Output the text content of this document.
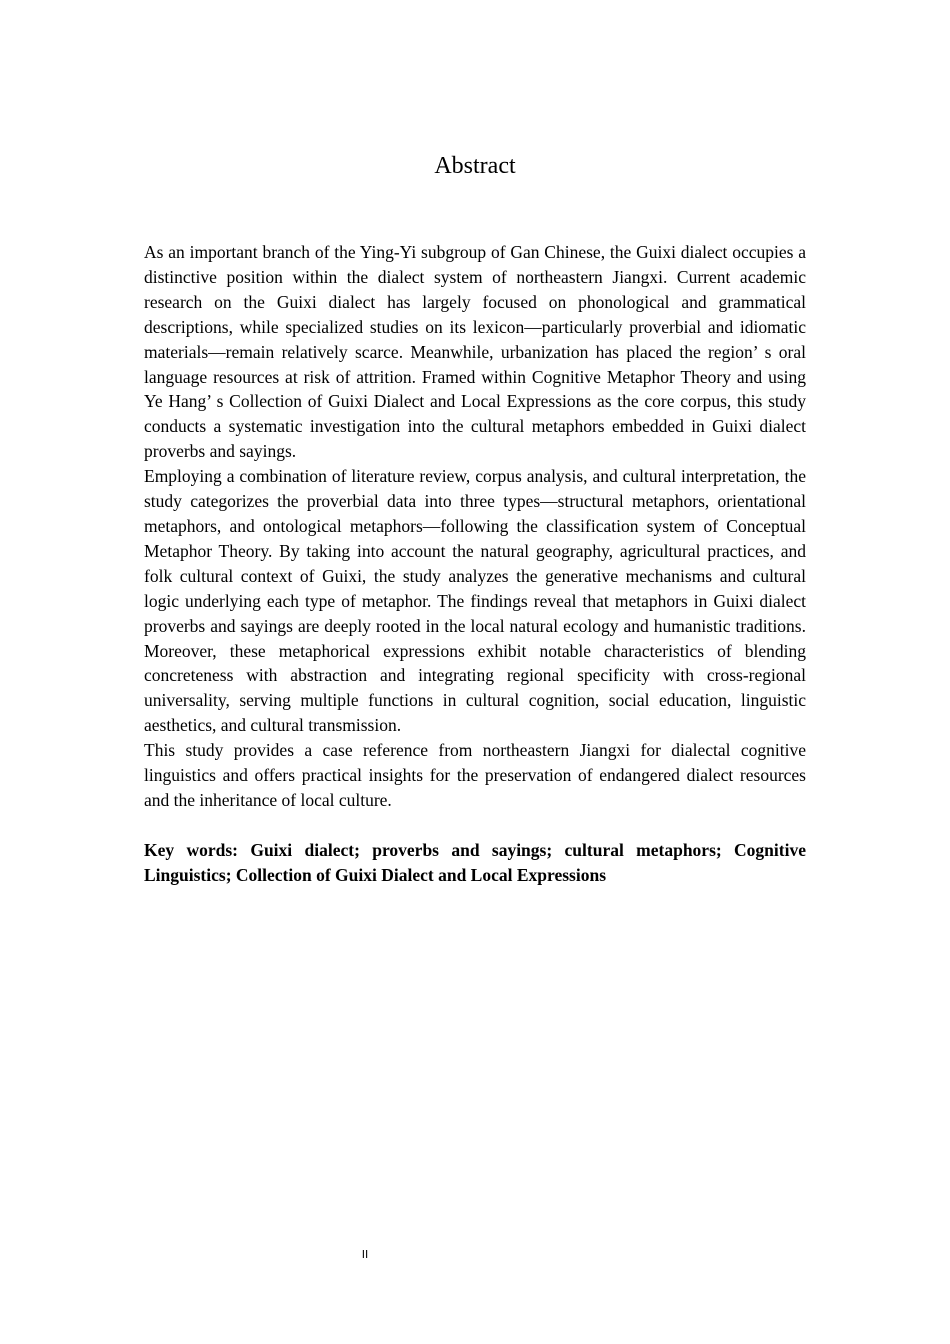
Abstract

As an important branch of the Ying-Yi subgroup of Gan Chinese, the Guixi dialect occupies a distinctive position within the dialect system of northeastern Jiangxi. Current academic research on the Guixi dialect has largely focused on phonological and grammatical descriptions, while specialized studies on its lexicon—particularly proverbial and idiomatic materials—remain relatively scarce. Meanwhile, urbanization has placed the region’ s oral language resources at risk of attrition. Framed within Cognitive Metaphor Theory and using Ye Hang’ s Collection of Guixi Dialect and Local Expressions as the core corpus, this study conducts a systematic investigation into the cultural metaphors embedded in Guixi dialect proverbs and sayings.

Employing a combination of literature review, corpus analysis, and cultural interpretation, the study categorizes the proverbial data into three types—structural metaphors, orientational metaphors, and ontological metaphors—following the classification system of Conceptual Metaphor Theory. By taking into account the natural geography, agricultural practices, and folk cultural context of Guixi, the study analyzes the generative mechanisms and cultural logic underlying each type of metaphor. The findings reveal that metaphors in Guixi dialect proverbs and sayings are deeply rooted in the local natural ecology and humanistic traditions. Moreover, these metaphorical expressions exhibit notable characteristics of blending concreteness with abstraction and integrating regional specificity with cross-regional universality, serving multiple functions in cultural cognition, social education, linguistic aesthetics, and cultural transmission.

This study provides a case reference from northeastern Jiangxi for dialectal cognitive linguistics and offers practical insights for the preservation of endangered dialect resources and the inheritance of local culture.

Key words: Guixi dialect; proverbs and sayings; cultural metaphors; Cognitive Linguistics; Collection of Guixi Dialect and Local Expressions

II
